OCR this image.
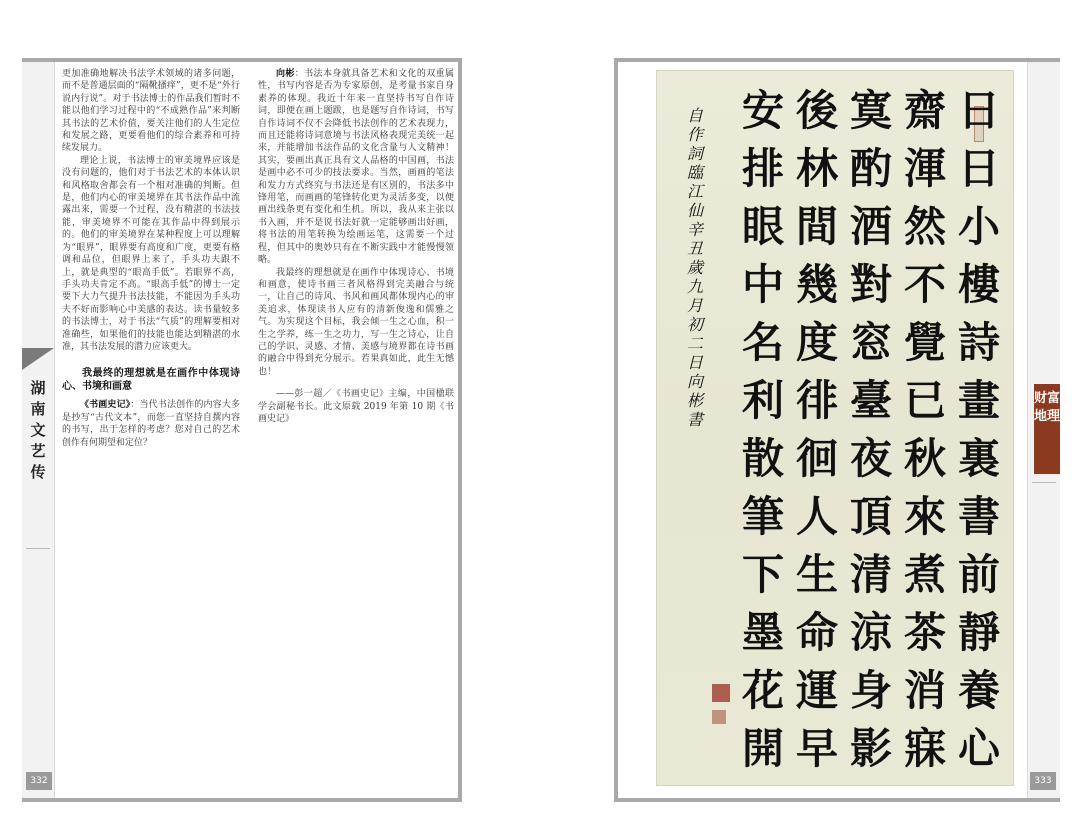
湖南文艺传
332

更加准确地解决书法学术领域的诸多问题，而不是普通层面的“隔靴搔痒”，更不是“外行说内行说”。对于书法博士的作品我们暂时不能以他们学习过程中的“不成熟作品”来判断其书法的艺术价值，要关注他们的人生定位和发展之路，更要看他们的综合素养和可持续发展力。

理论上说，书法博士的审美境界应该是没有问题的，他们对于书法艺术的本体认识和风格取舍都会有一个相对准确的判断。但是，他们内心的审美境界在其书法作品中流露出来，需要一个过程，没有精湛的书法技能，审美境界不可能在其作品中得到展示的。他们的审美境界在某种程度上可以理解为“眼界”，眼界要有高度和广度，更要有格调和品位，但眼界上来了，手头功夫跟不上，就是典型的“眼高手低”。若眼界不高，手头功夫肯定不高。“眼高手低”的博士一定要下大力气提升书法技能，不能因为手头功夫不好而影响心中美感的表达。读书量较多的书法博士，对于书法“气质”的理解要相对准确些，如果他们的技能也能达到精湛的水准，其书法发展的潜力应该更大。

我最终的理想就是在画作中体现诗心、书境和画意

《书画史记》：当代书法创作的内容大多是抄写“古代文本”，而您一直坚持自撰内容的书写，出于怎样的考虑？您对自己的艺术创作有何期望和定位？

向彬：书法本身就具备艺术和文化的双重属性，书写内容是否为专家原创，是考量书家自身素养的体现。我近十年来一直坚持书写自作诗词，即便在画上题跋，也是题写自作诗词，书写自作诗词不仅不会降低书法创作的艺术表现力，而且还能将诗词意境与书法风格表现完美统一起来，并能增加书法作品的文化含量与人文精神！其实，要画出真正具有文人品格的中国画，书法是画中必不可少的技法要求。当然，画画的笔法和发力方式终究与书法还是有区别的，书法多中锋用笔，而画画的笔锋转化更为灵活多变，以便画出线条更有变化和生机。所以，我从来主张以书入画，并不是说书法好就一定能够画出好画，将书法的用笔转换为绘画运笔，这需要一个过程，但其中的奥妙只有在不断实践中才能慢慢领略。

我最终的理想就是在画作中体现诗心、书境和画意，使诗书画三者风格得到完美融合与统一，让自己的诗风、书风和画风都体现内心的审美追求，体现读书人应有的清新俊逸和儒雅之气。为实现这个目标，我会倾一生之心血，积一生之学养，练一生之功力，写一生之诗心，让自己的学识、灵感、才情、美感与境界都在诗书画的融合中得到充分展示。若果真如此，此生无憾也！

——彭一超／《书画史记》主编，中国楹联学会副秘书长。此文原载 2019 年第 10 期《书画史记》

财富地理
333
日
日
小
樓
詩
畫
裏
書
前
靜
養
心
齋
渾
然
不
覺
已
秋
來
煮
茶
消
寐
寞
酌
酒
對
窓
臺
夜
頂
清
涼
身
影
後
林
間
幾
度
徘
徊
人
生
命
運
早
安
排
眼
中
名
利
散
筆
下
墨
花
開
自
作
詞
臨
江
仙
辛
丑
歲
九
月
初
二
日
向
彬
書
